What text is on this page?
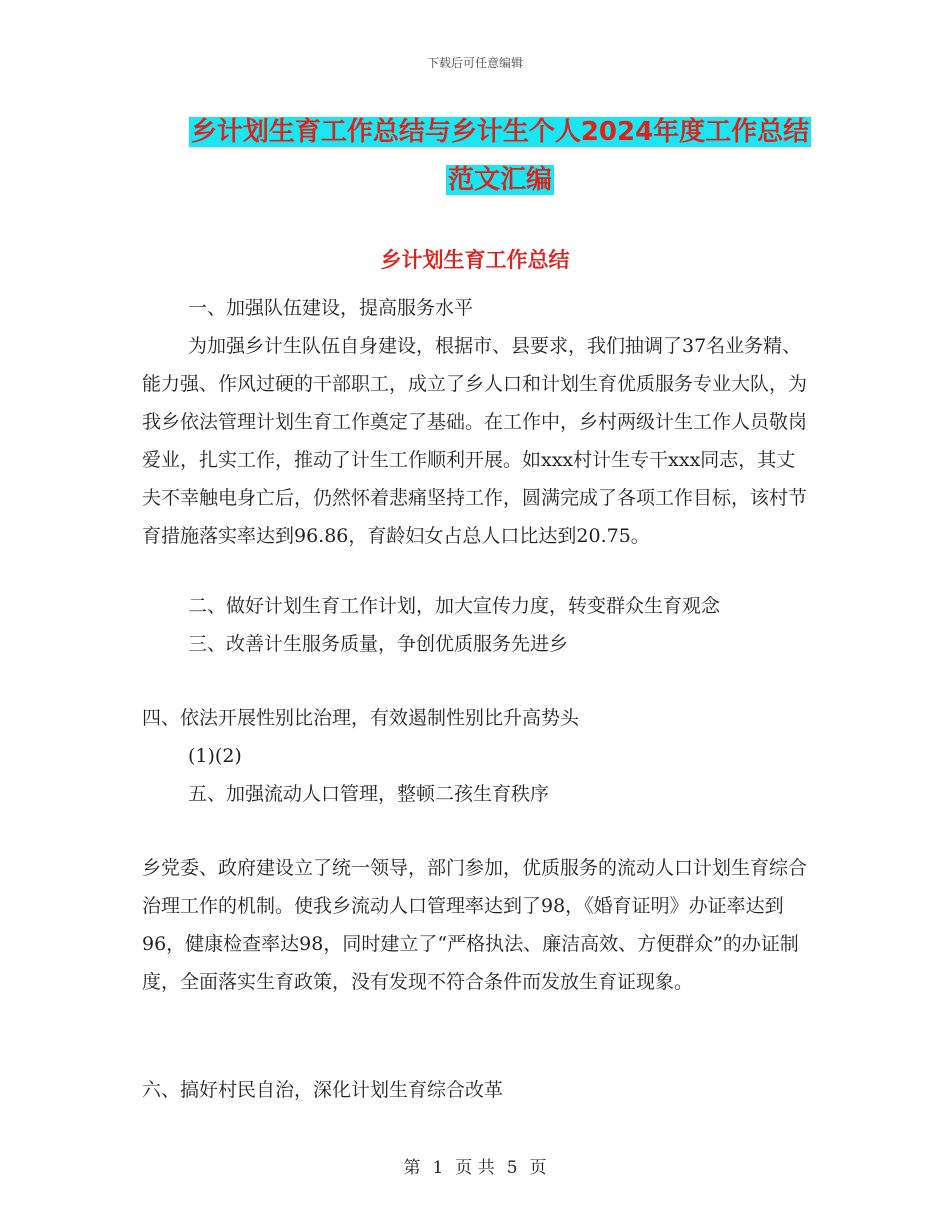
下载后可任意编辑
乡计划生育工作总结与乡计生个人2024年度工作总结
范文汇编
乡计划生育工作总结

一、加强队伍建设，提高服务水平

为加强乡计生队伍自身建设，根据市、县要求，我们抽调了37名业务精、能力强、作风过硬的干部职工，成立了乡人口和计划生育优质服务专业大队，为我乡依法管理计划生育工作奠定了基础。在工作中，乡村两级计生工作人员敬岗爱业，扎实工作，推动了计生工作顺利开展。如xxx村计生专干xxx同志，其丈夫不幸触电身亡后，仍然怀着悲痛坚持工作，圆满完成了各项工作目标，该村节育措施落实率达到96.86，育龄妇女占总人口比达到20.75。

二、做好计划生育工作计划，加大宣传力度，转变群众生育观念

三、改善计生服务质量，争创优质服务先进乡

四、依法开展性别比治理，有效遏制性别比升高势头

(1)(2)

五、加强流动人口管理，整顿二孩生育秩序

乡党委、政府建设立了统一领导，部门参加，优质服务的流动人口计划生育综合治理工作的机制。使我乡流动人口管理率达到了98，《婚育证明》办证率达到96，健康检查率达98，同时建立了“严格执法、廉洁高效、方便群众”的办证制度，全面落实生育政策，没有发现不符合条件而发放生育证现象。

六、搞好村民自治，深化计划生育综合改革

第 1 页 共 5 页
